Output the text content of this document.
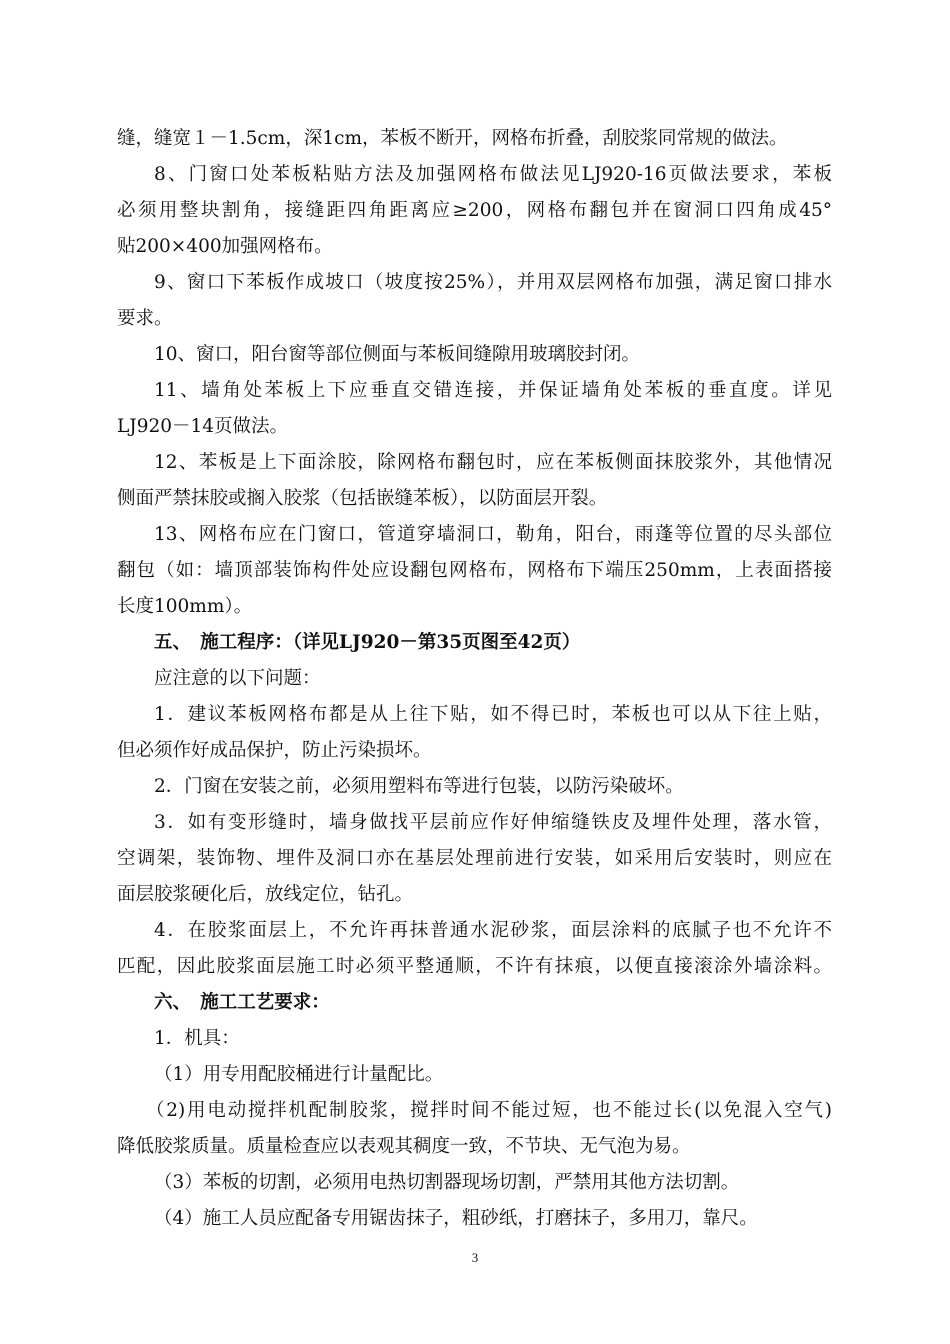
缝，缝宽１－1.5cm，深1cm，苯板不断开，网格布折叠，刮胶浆同常规的做法。
8、门窗口处苯板粘贴方法及加强网格布做法见LJ920-16页做法要求，苯板
必须用整块割角，接缝距四角距离应≥200，网格布翻包并在窗洞口四角成45°
贴200×400加强网格布。
9、窗口下苯板作成坡口（坡度按25%），并用双层网格布加强，满足窗口排水
要求。
10、窗口，阳台窗等部位侧面与苯板间缝隙用玻璃胶封闭。
11、墙角处苯板上下应垂直交错连接，并保证墙角处苯板的垂直度。详见
LJ920－14页做法。
12、苯板是上下面涂胶，除网格布翻包时，应在苯板侧面抹胶浆外，其他情况
侧面严禁抹胶或搁入胶浆（包括嵌缝苯板），以防面层开裂。
13、网格布应在门窗口，管道穿墙洞口，勒角，阳台，雨蓬等位置的尽头部位
翻包（如：墙顶部装饰构件处应设翻包网格布，网格布下端压250mm，上表面搭接
长度100mm）。
五、　施工程序：（详见LJ920－第35页图至42页）
应注意的以下问题：
1．建议苯板网格布都是从上往下贴，如不得已时，苯板也可以从下往上贴，
但必须作好成品保护，防止污染损坏。
2．门窗在安装之前，必须用塑料布等进行包装，以防污染破坏。
3．如有变形缝时，墙身做找平层前应作好伸缩缝铁皮及埋件处理，落水管，
空调架，装饰物、埋件及洞口亦在基层处理前进行安装，如采用后安装时，则应在
面层胶浆硬化后，放线定位，钻孔。
4．在胶浆面层上，不允许再抹普通水泥砂浆，面层涂料的底腻子也不允许不
匹配，因此胶浆面层施工时必须平整通顺，不许有抹痕，以便直接滚涂外墙涂料。
六、　施工工艺要求：
1．机具：
（1）用专用配胶桶进行计量配比。
（2)用电动搅拌机配制胶浆，搅拌时间不能过短，也不能过长(以免混入空气)
降低胶浆质量。质量检查应以表观其稠度一致，不节块、无气泡为易。
（3）苯板的切割，必须用电热切割器现场切割，严禁用其他方法切割。
（4）施工人员应配备专用锯齿抹子，粗砂纸，打磨抹子，多用刀，靠尺。
3
